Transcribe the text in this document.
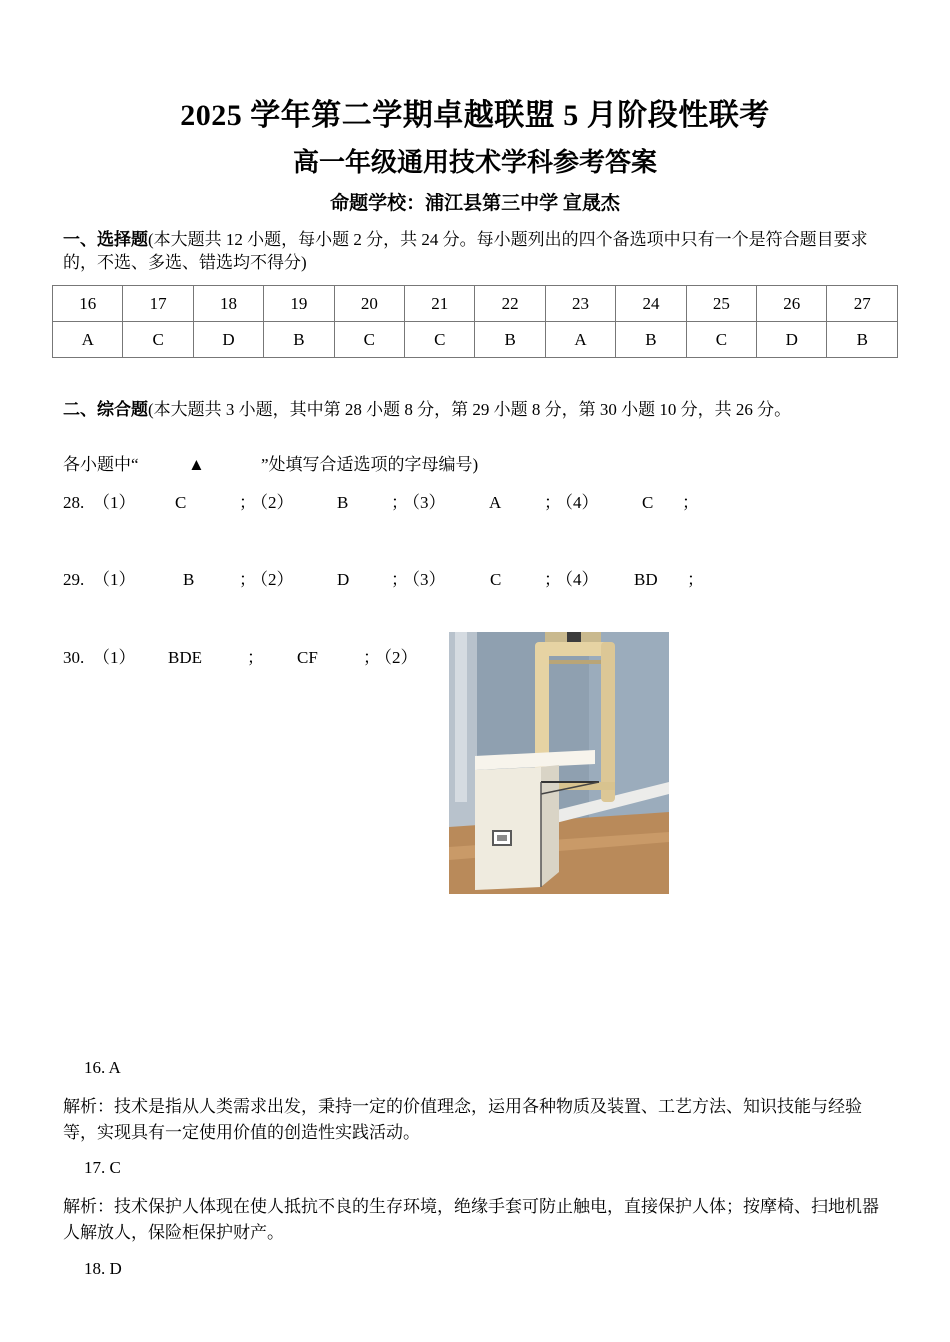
2025 学年第二学期卓越联盟 5 月阶段性联考
高一年级通用技术学科参考答案
命题学校：浦江县第三中学 宣晟杰
一、选择题(本大题共 12 小题，每小题 2 分，共 24 分。每小题列出的四个备选项中只有一个是符合题目要求的，不选、多选、错选均不得分)
16	17	18	19	20	21	22	23	24	25	26	27
A	C	D	B	C	C	B	A	B	C	D	B
二、综合题(本大题共 3 小题，其中第 28 小题 8 分，第 29 小题 8 分，第 30 小题 10 分，共 26 分。
各小题中“	▲	”处填写合适选项的字母编号)
28. （1） C	；
（2）	B	；
（3）	A	；
（4）	C ；
29. （1）	B	；
（2）	D ；
（3）	C	；
（4） BD ；
30. （1） BDE	； CF	；
（2）
16. A
解析：技术是指从人类需求出发，秉持一定的价值理念，运用各种物质及装置、工艺方法、知识技能与经验等，实现具有一定使用价值的创造性实践活动。
17. C
解析：技术保护人体现在使人抵抗不良的生存环境，绝缘手套可防止触电，直接保护人体；按摩椅、扫地机器人解放人，保险柜保护财产。
18. D
